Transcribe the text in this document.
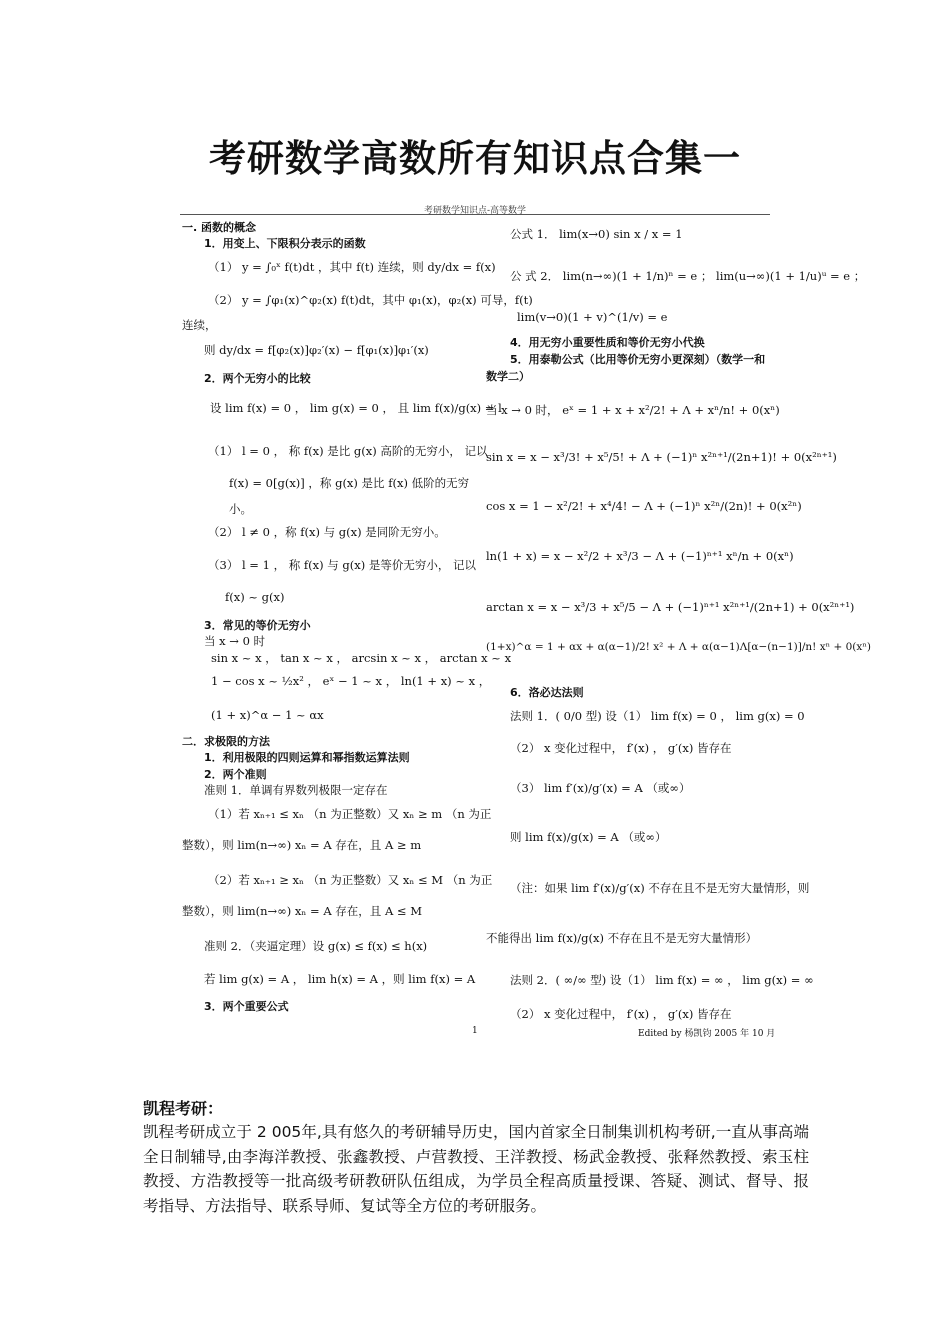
考研数学高数所有知识点合集一
考研数学知识点-高等数学
一. 函数的概念
1．用变上、下限积分表示的函数
（1） y = ∫₀ˣ f(t)dt ，其中 f(t) 连续，则 dy/dx = f(x)
（2） y = ∫φ₁(x)^φ₂(x) f(t)dt，其中 φ₁(x)，φ₂(x) 可导，f(t)
连续，
则 dy/dx = f[φ₂(x)]φ₂′(x) − f[φ₁(x)]φ₁′(x)
2．两个无穷小的比较
设 lim f(x) = 0 ， lim g(x) = 0 ， 且 lim f(x)/g(x) = l
（1） l = 0 ， 称 f(x) 是比 g(x) 高阶的无穷小， 记以
f(x) = 0[g(x)] ，称 g(x) 是比 f(x) 低阶的无穷
小。
（2） l ≠ 0 ，称 f(x) 与 g(x) 是同阶无穷小。
（3） l = 1 ， 称 f(x) 与 g(x) 是等价无穷小， 记以
f(x) ~ g(x)
3．常见的等价无穷小
当 x → 0 时
sin x ~ x ， tan x ~ x ， arcsin x ~ x ， arctan x ~ x
1 − cos x ~ ½x² ， eˣ − 1 ~ x ， ln(1 + x) ~ x ，
(1 + x)^α − 1 ~ αx
二．求极限的方法
1．利用极限的四则运算和幂指数运算法则
2．两个准则
准则 1．单调有界数列极限一定存在
（1）若 xₙ₊₁ ≤ xₙ （n 为正整数）又 xₙ ≥ m （n 为正
整数），则 lim(n→∞) xₙ = A 存在，且 A ≥ m
（2）若 xₙ₊₁ ≥ xₙ （n 为正整数）又 xₙ ≤ M （n 为正
整数），则 lim(n→∞) xₙ = A 存在，且 A ≤ M
准则 2．（夹逼定理）设 g(x) ≤ f(x) ≤ h(x)
若 lim g(x) = A ， lim h(x) = A ，则 lim f(x) = A
3．两个重要公式
公式 1． lim(x→0) sin x / x = 1
公 式 2． lim(n→∞)(1 + 1/n)ⁿ = e ； lim(u→∞)(1 + 1/u)ᵘ = e ；
lim(v→0)(1 + v)^(1/v) = e
4．用无穷小重要性质和等价无穷小代换
5．用泰勒公式（比用等价无穷小更深刻）（数学一和
数学二）
当 x → 0 时， eˣ = 1 + x + x²/2! + Λ + xⁿ/n! + 0(xⁿ)
sin x = x − x³/3! + x⁵/5! + Λ + (−1)ⁿ x²ⁿ⁺¹/(2n+1)! + 0(x²ⁿ⁺¹)
cos x = 1 − x²/2! + x⁴/4! − Λ + (−1)ⁿ x²ⁿ/(2n)! + 0(x²ⁿ)
ln(1 + x) = x − x²/2 + x³/3 − Λ + (−1)ⁿ⁺¹ xⁿ/n + 0(xⁿ)
arctan x = x − x³/3 + x⁵/5 − Λ + (−1)ⁿ⁺¹ x²ⁿ⁺¹/(2n+1) + 0(x²ⁿ⁺¹)
(1+x)^α = 1 + αx + α(α−1)/2! x² + Λ + α(α−1)Λ[α−(n−1)]/n! xⁿ + 0(xⁿ)
6．洛必达法则
法则 1．( 0/0 型) 设（1） lim f(x) = 0 ， lim g(x) = 0
（2） x 变化过程中， f′(x) ， g′(x) 皆存在
（3） lim f′(x)/g′(x) = A （或∞）
则 lim f(x)/g(x) = A （或∞）
（注：如果 lim f′(x)/g′(x) 不存在且不是无穷大量情形，则
不能得出 lim f(x)/g(x) 不存在且不是无穷大量情形）
法则 2．( ∞/∞ 型) 设（1） lim f(x) = ∞ ， lim g(x) = ∞
（2） x 变化过程中， f′(x) ， g′(x) 皆存在
1	Edited by 杨凯钧 2005 年 10 月
凯程考研：
凯程考研成立于 2 005年,具有悠久的考研辅导历史，国内首家全日制集训机构考研,一直从事高端全日制辅导,由李海洋教授、张鑫教授、卢营教授、王洋教授、杨武金教授、张释然教授、索玉柱教授、方浩教授等一批高级考研教研队伍组成，为学员全程高质量授课、答疑、测试、督导、报考指导、方法指导、联系导师、复试等全方位的考研服务。
